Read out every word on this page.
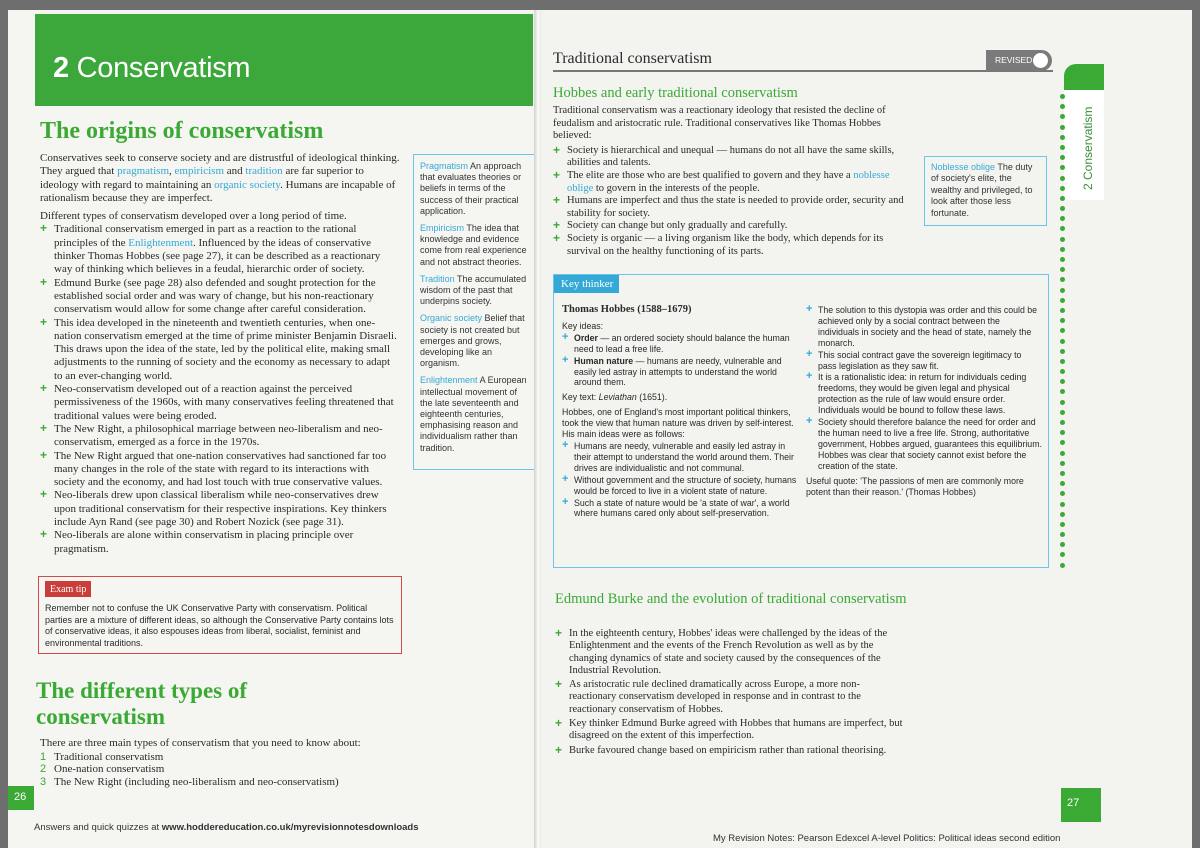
2 Conservatism
The origins of conservatism

Conservatives seek to conserve society and are distrustful of ideological thinking. They argued that pragmatism, empiricism and tradition are far superior to ideology with regard to maintaining an organic society. Humans are incapable of rationalism because they are imperfect.

Different types of conservatism developed over a long period of time.

+ Traditional conservatism emerged in part as a reaction to the rational principles of the Enlightenment. Influenced by the ideas of conservative thinker Thomas Hobbes (see page 27), it can be described as a reactionary way of thinking which believes in a feudal, hierarchic order of society.
+ Edmund Burke (see page 28) also defended and sought protection for the established social order and was wary of change, but his non-reactionary conservatism would allow for some change after careful consideration.
+ This idea developed in the nineteenth and twentieth centuries, when one-nation conservatism emerged at the time of prime minister Benjamin Disraeli. This draws upon the idea of the state, led by the political elite, making small adjustments to the running of society and the economy as necessary to adapt to an ever-changing world.
+ Neo-conservatism developed out of a reaction against the perceived permissiveness of the 1960s, with many conservatives feeling threatened that traditional values were being eroded.
+ The New Right, a philosophical marriage between neo-liberalism and neo-conservatism, emerged as a force in the 1970s.
+ The New Right argued that one-nation conservatives had sanctioned far too many changes in the role of the state with regard to its interactions with society and the economy, and had lost touch with true conservative values.
+ Neo-liberals drew upon classical liberalism while neo-conservatives drew upon traditional conservatism for their respective inspirations. Key thinkers include Ayn Rand (see page 30) and Robert Nozick (see page 31).
+ Neo-liberals are alone within conservatism in placing principle over pragmatism.
Pragmatism An approach that evaluates theories or beliefs in terms of the success of their practical application.
Empiricism The idea that knowledge and evidence come from real experience and not abstract theories.
Tradition The accumulated wisdom of the past that underpins society.
Organic society Belief that society is not created but emerges and grows, developing like an organism.
Enlightenment A European intellectual movement of the late seventeenth and eighteenth centuries, emphasising reason and individualism rather than tradition.
Exam tip
Remember not to confuse the UK Conservative Party with conservatism. Political parties are a mixture of different ideas, so although the Conservative Party contains lots of conservative ideas, it also espouses ideas from liberal, socialist, feminist and environmental traditions.
The different types of conservatism

There are three main types of conservatism that you need to know about:

1 Traditional conservatism
2 One-nation conservatism
3 The New Right (including neo-liberalism and neo-conservatism)
26
Answers and quick quizzes at www.hoddereducation.co.uk/myrevisionnotesdownloads
Traditional conservatism	REVISED
Hobbes and early traditional conservatism

Traditional conservatism was a reactionary ideology that resisted the decline of feudalism and aristocratic rule. Traditional conservatives like Thomas Hobbes believed:

+ Society is hierarchical and unequal — humans do not all have the same skills, abilities and talents.
+ The elite are those who are best qualified to govern and they have a noblesse oblige to govern in the interests of the people.
+ Humans are imperfect and thus the state is needed to provide order, security and stability for society.
+ Society can change but only gradually and carefully.
+ Society is organic — a living organism like the body, which depends for its survival on the healthy functioning of its parts.
Noblesse oblige The duty of society's elite, the wealthy and privileged, to look after those less fortunate.
Key thinker
Thomas Hobbes (1588–1679)

Key ideas:

+ Order — an ordered society should balance the human need to lead a free life.
+ Human nature — humans are needy, vulnerable and easily led astray in attempts to understand the world around them.

Key text: Leviathan (1651).

Hobbes, one of England's most important political thinkers, took the view that human nature was driven by self-interest. His main ideas were as follows:

+ Humans are needy, vulnerable and easily led astray in their attempt to understand the world around them. Their drives are individualistic and not communal.
+ Without government and the structure of society, humans would be forced to live in a violent state of nature.
+ Such a state of nature would be 'a state of war', a world where humans cared only about self-preservation.
+ The solution to this dystopia was order and this could be achieved only by a social contract between the individuals in society and the head of state, namely the monarch.
+ This social contract gave the sovereign legitimacy to pass legislation as they saw fit.
+ It is a rationalistic idea: in return for individuals ceding freedoms, they would be given legal and physical protection as the rule of law would ensure order. Individuals would be bound to follow these laws.
+ Society should therefore balance the need for order and the human need to live a free life. Strong, authoritative government, Hobbes argued, guarantees this equilibrium. Hobbes was clear that society cannot exist before the creation of the state.

Useful quote: 'The passions of men are commonly more potent than their reason.' (Thomas Hobbes)

Edmund Burke and the evolution of traditional conservatism
+ In the eighteenth century, Hobbes' ideas were challenged by the ideas of the Enlightenment and the events of the French Revolution as well as by the changing dynamics of state and society caused by the consequences of the Industrial Revolution.
+ As aristocratic rule declined dramatically across Europe, a more non-reactionary conservatism developed in response and in contrast to the reactionary conservatism of Hobbes.
+ Key thinker Edmund Burke agreed with Hobbes that humans are imperfect, but disagreed on the extent of this imperfection.
+ Burke favoured change based on empiricism rather than rational theorising.
2 Conservatism
27
My Revision Notes: Pearson Edexcel A-level Politics: Political ideas second edition
